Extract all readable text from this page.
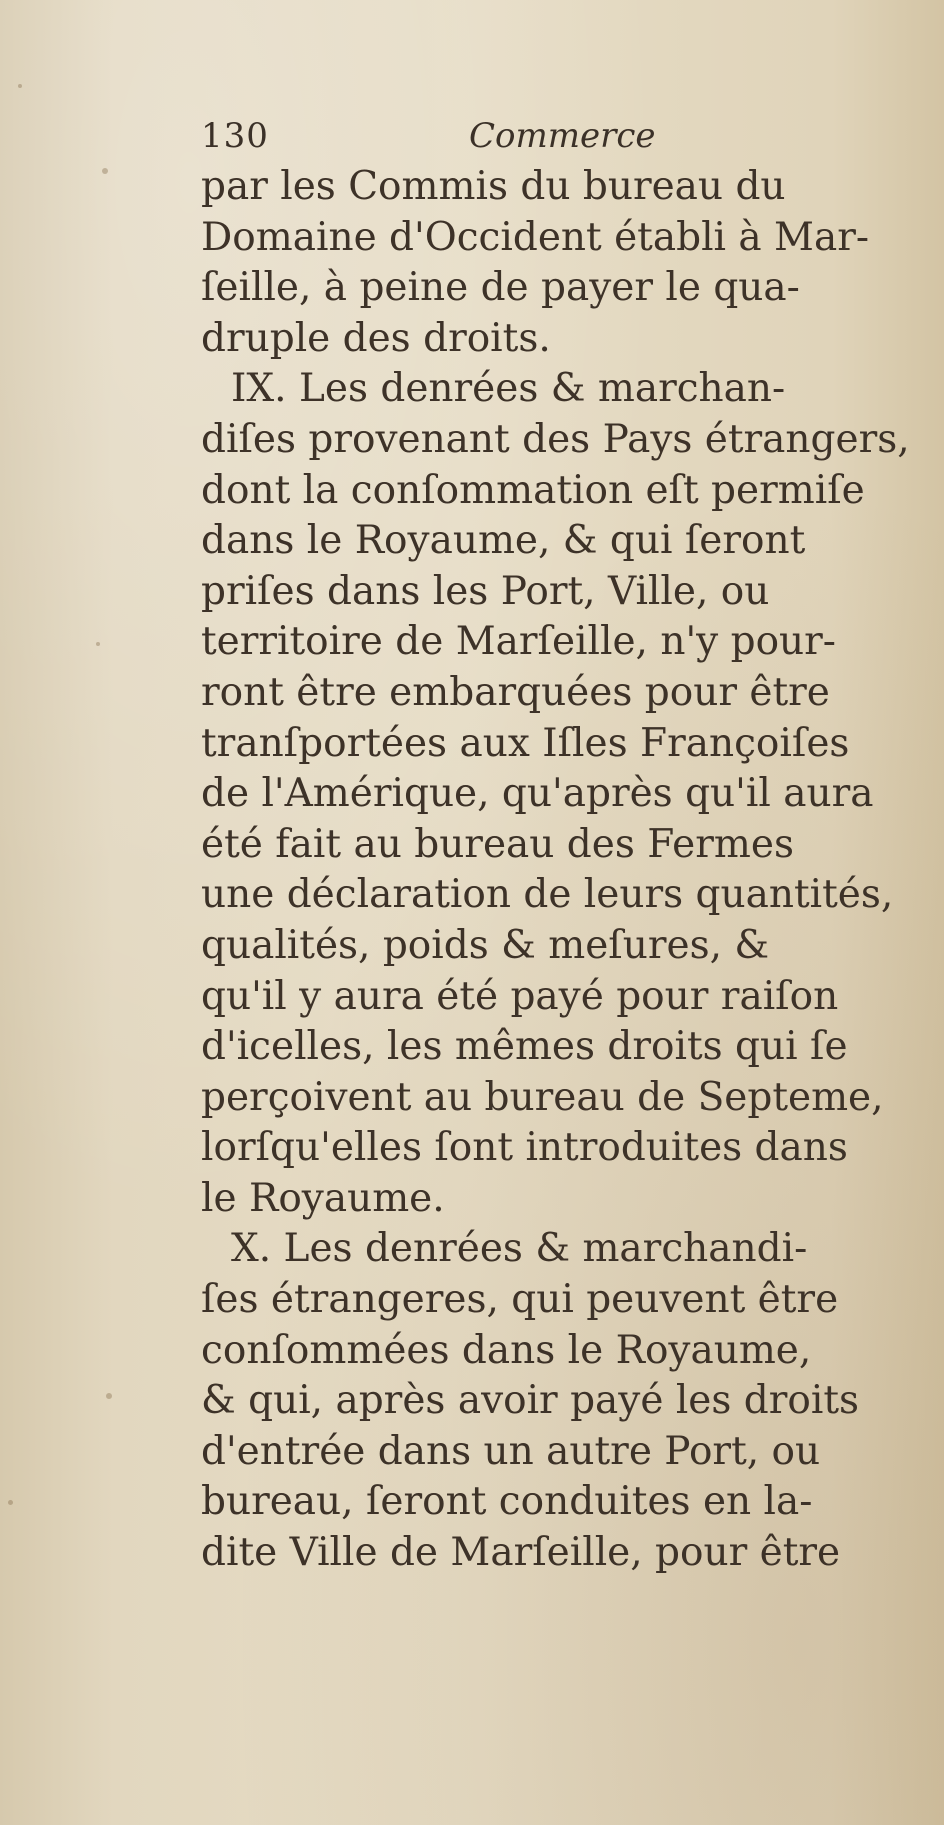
130	Commerce
par les Commis du bureau du
Domaine d'Occident établi à Mar-
ſeille, à peine de payer le qua-
druple des droits.
IX. Les denrées & marchan-
diſes provenant des Pays étrangers,
dont la conſommation eſt permiſe
dans le Royaume, & qui ſeront
priſes dans les Port, Ville, ou
territoire de Marſeille, n'y pour-
ront être embarquées pour être
tranſportées aux Iſles Françoiſes
de l'Amérique, qu'après qu'il aura
été fait au bureau des Fermes
une déclaration de leurs quantités,
qualités, poids & meſures, &
qu'il y aura été payé pour raiſon
d'icelles, les mêmes droits qui ſe
perçoivent au bureau de Septeme,
lorſqu'elles ſont introduites dans
le Royaume.
X. Les denrées & marchandi-
ſes étrangeres, qui peuvent être
conſommées dans le Royaume,
& qui, après avoir payé les droits
d'entrée dans un autre Port, ou
bureau, ſeront conduites en la-
dite Ville de Marſeille, pour être
